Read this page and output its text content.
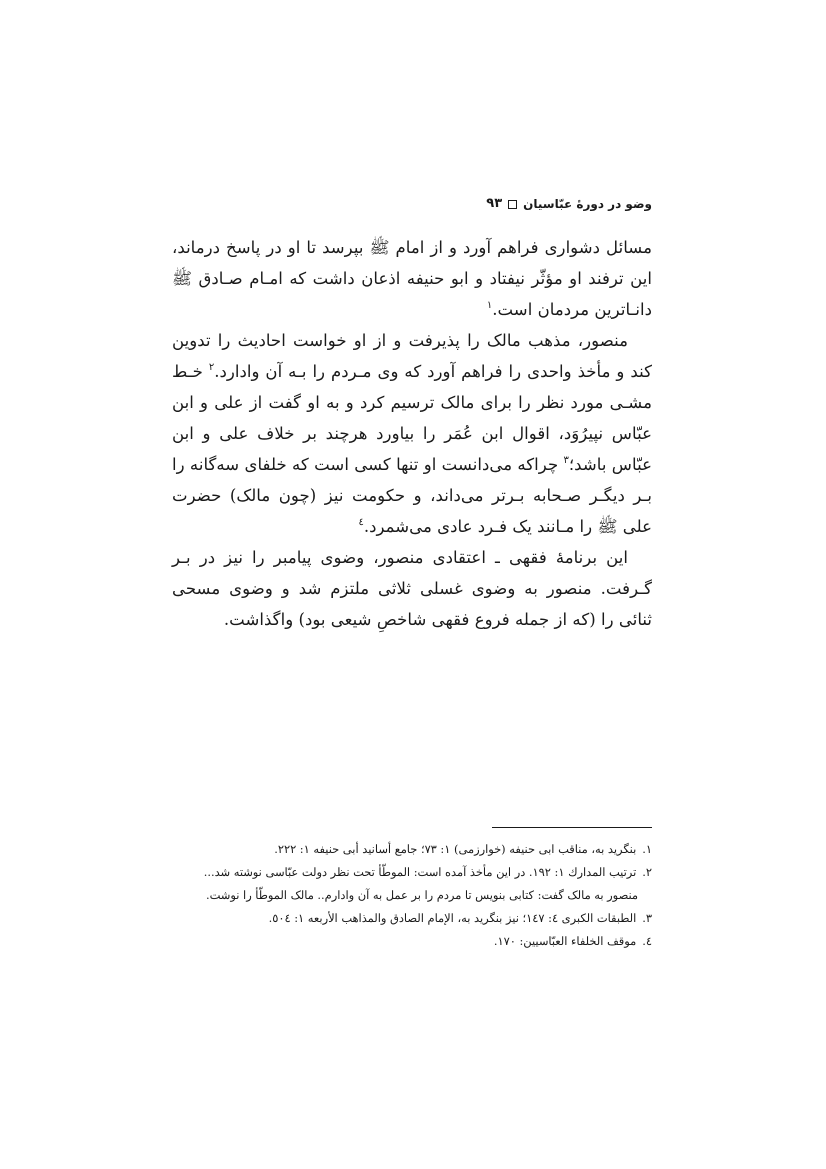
وضو در دورهٔ عبّاسیان
۹۳

مسائل دشواری فراهم آورد و از امام ﷺ بپرسد تا او در پاسخ درماند، این ترفند او مؤثّر نیفتاد و ابو حنیفه اذعان داشت که امـام صـادق ﷺ دانـاترین مردمان است.$^۱$

منصور، مذهب مالک را پذیرفت و از او خواست احادیث را تدوین کند و مأخذ واحدی را فراهم آورد که وی مـردم را بـه آن وادارد.$^۲$ خـط مشـی مورد نظر را برای مالک ترسیم کرد و به او گفت از علی و ابن عبّاس نپیرُوَد، اقوال ابن عُمَر را بیاورد هرچند بر خلاف علی و ابن عبّاس باشد؛$^۳$ چراکه می‌دانست او تنها کسی است که خلفای سه‌گانه را بـر دیگـر صـحابه بـرتر می‌داند، و حکومت نیز (چون مالک) حضرت علی ﷺ را مـانند یک فـرد عادی می‌شمرد.$^٤$

این برنامهٔ فقهی ـ اعتقادی منصور، وضوی پیامبر را نیز در بـر گـرفت. منصور به وضوی غسلی ثلاثی ملتزم شد و وضوی مسحی ثنائی را (که از جمله فروع فقهی شاخصِ شیعی بود) واگذاشت.

۱.بنگرید به، مناقب ابی حنیفه (خوارزمی) ۱: ۷۳؛ جامع أسانید أبی حنیفه ۱: ۲۲۲.

۲.ترتیب المدارك ۱: ۱۹۲. در این مأخذ آمده است: الموطّأ تحت نظر دولت عبّاسی نوشته شد...

منصور به مالک گفت: کتابی بنویس تا مردم را بر عمل به آن وادارم.. مالک الموطّأ را نوشت.

۳.الطبقات الکبری ٤: ۱٤۷؛ نیز بنگرید به، الإمام الصادق والمذاهب الأربعه ۱: ٥٠٤.

٤.موقف الخلفاء العبّاسیین: ۱۷۰.
